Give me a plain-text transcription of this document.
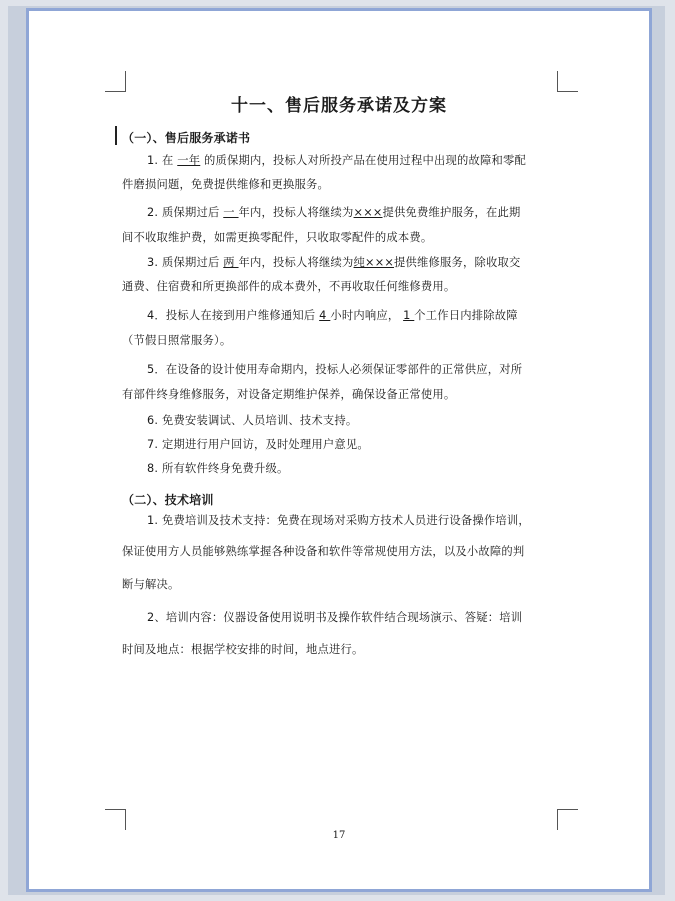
十一、售后服务承诺及方案
（一）、售后服务承诺书
1. 在 一年 的质保期内，投标人对所投产品在使用过程中出现的故障和零配
件磨损问题，免费提供维修和更换服务。
2. 质保期过后 一 年内，投标人将继续为×××提供免费维护服务，在此期
间不收取维护费，如需更换零配件，只收取零配件的成本费。
3. 质保期过后 两 年内，投标人将继续为纯×××提供维修服务，除收取交
通费、住宿费和所更换部件的成本费外，不再收取任何维修费用。
4．投标人在接到用户维修通知后 4 小时内响应， 1 个工作日内排除故障
（节假日照常服务）。
5．在设备的设计使用寿命期内，投标人必须保证零部件的正常供应，对所
有部件终身维修服务，对设备定期维护保养，确保设备正常使用。
6. 免费安装调试、人员培训、技术支持。
7. 定期进行用户回访，及时处理用户意见。
8. 所有软件终身免费升级。
（二）、技术培训
1. 免费培训及技术支持：免费在现场对采购方技术人员进行设备操作培训，
保证使用方人员能够熟练掌握各种设备和软件等常规使用方法，以及小故障的判
断与解决。
2、培训内容：仪器设备使用说明书及操作软件结合现场演示、答疑：培训
时间及地点：根据学校安排的时间，地点进行。
17
